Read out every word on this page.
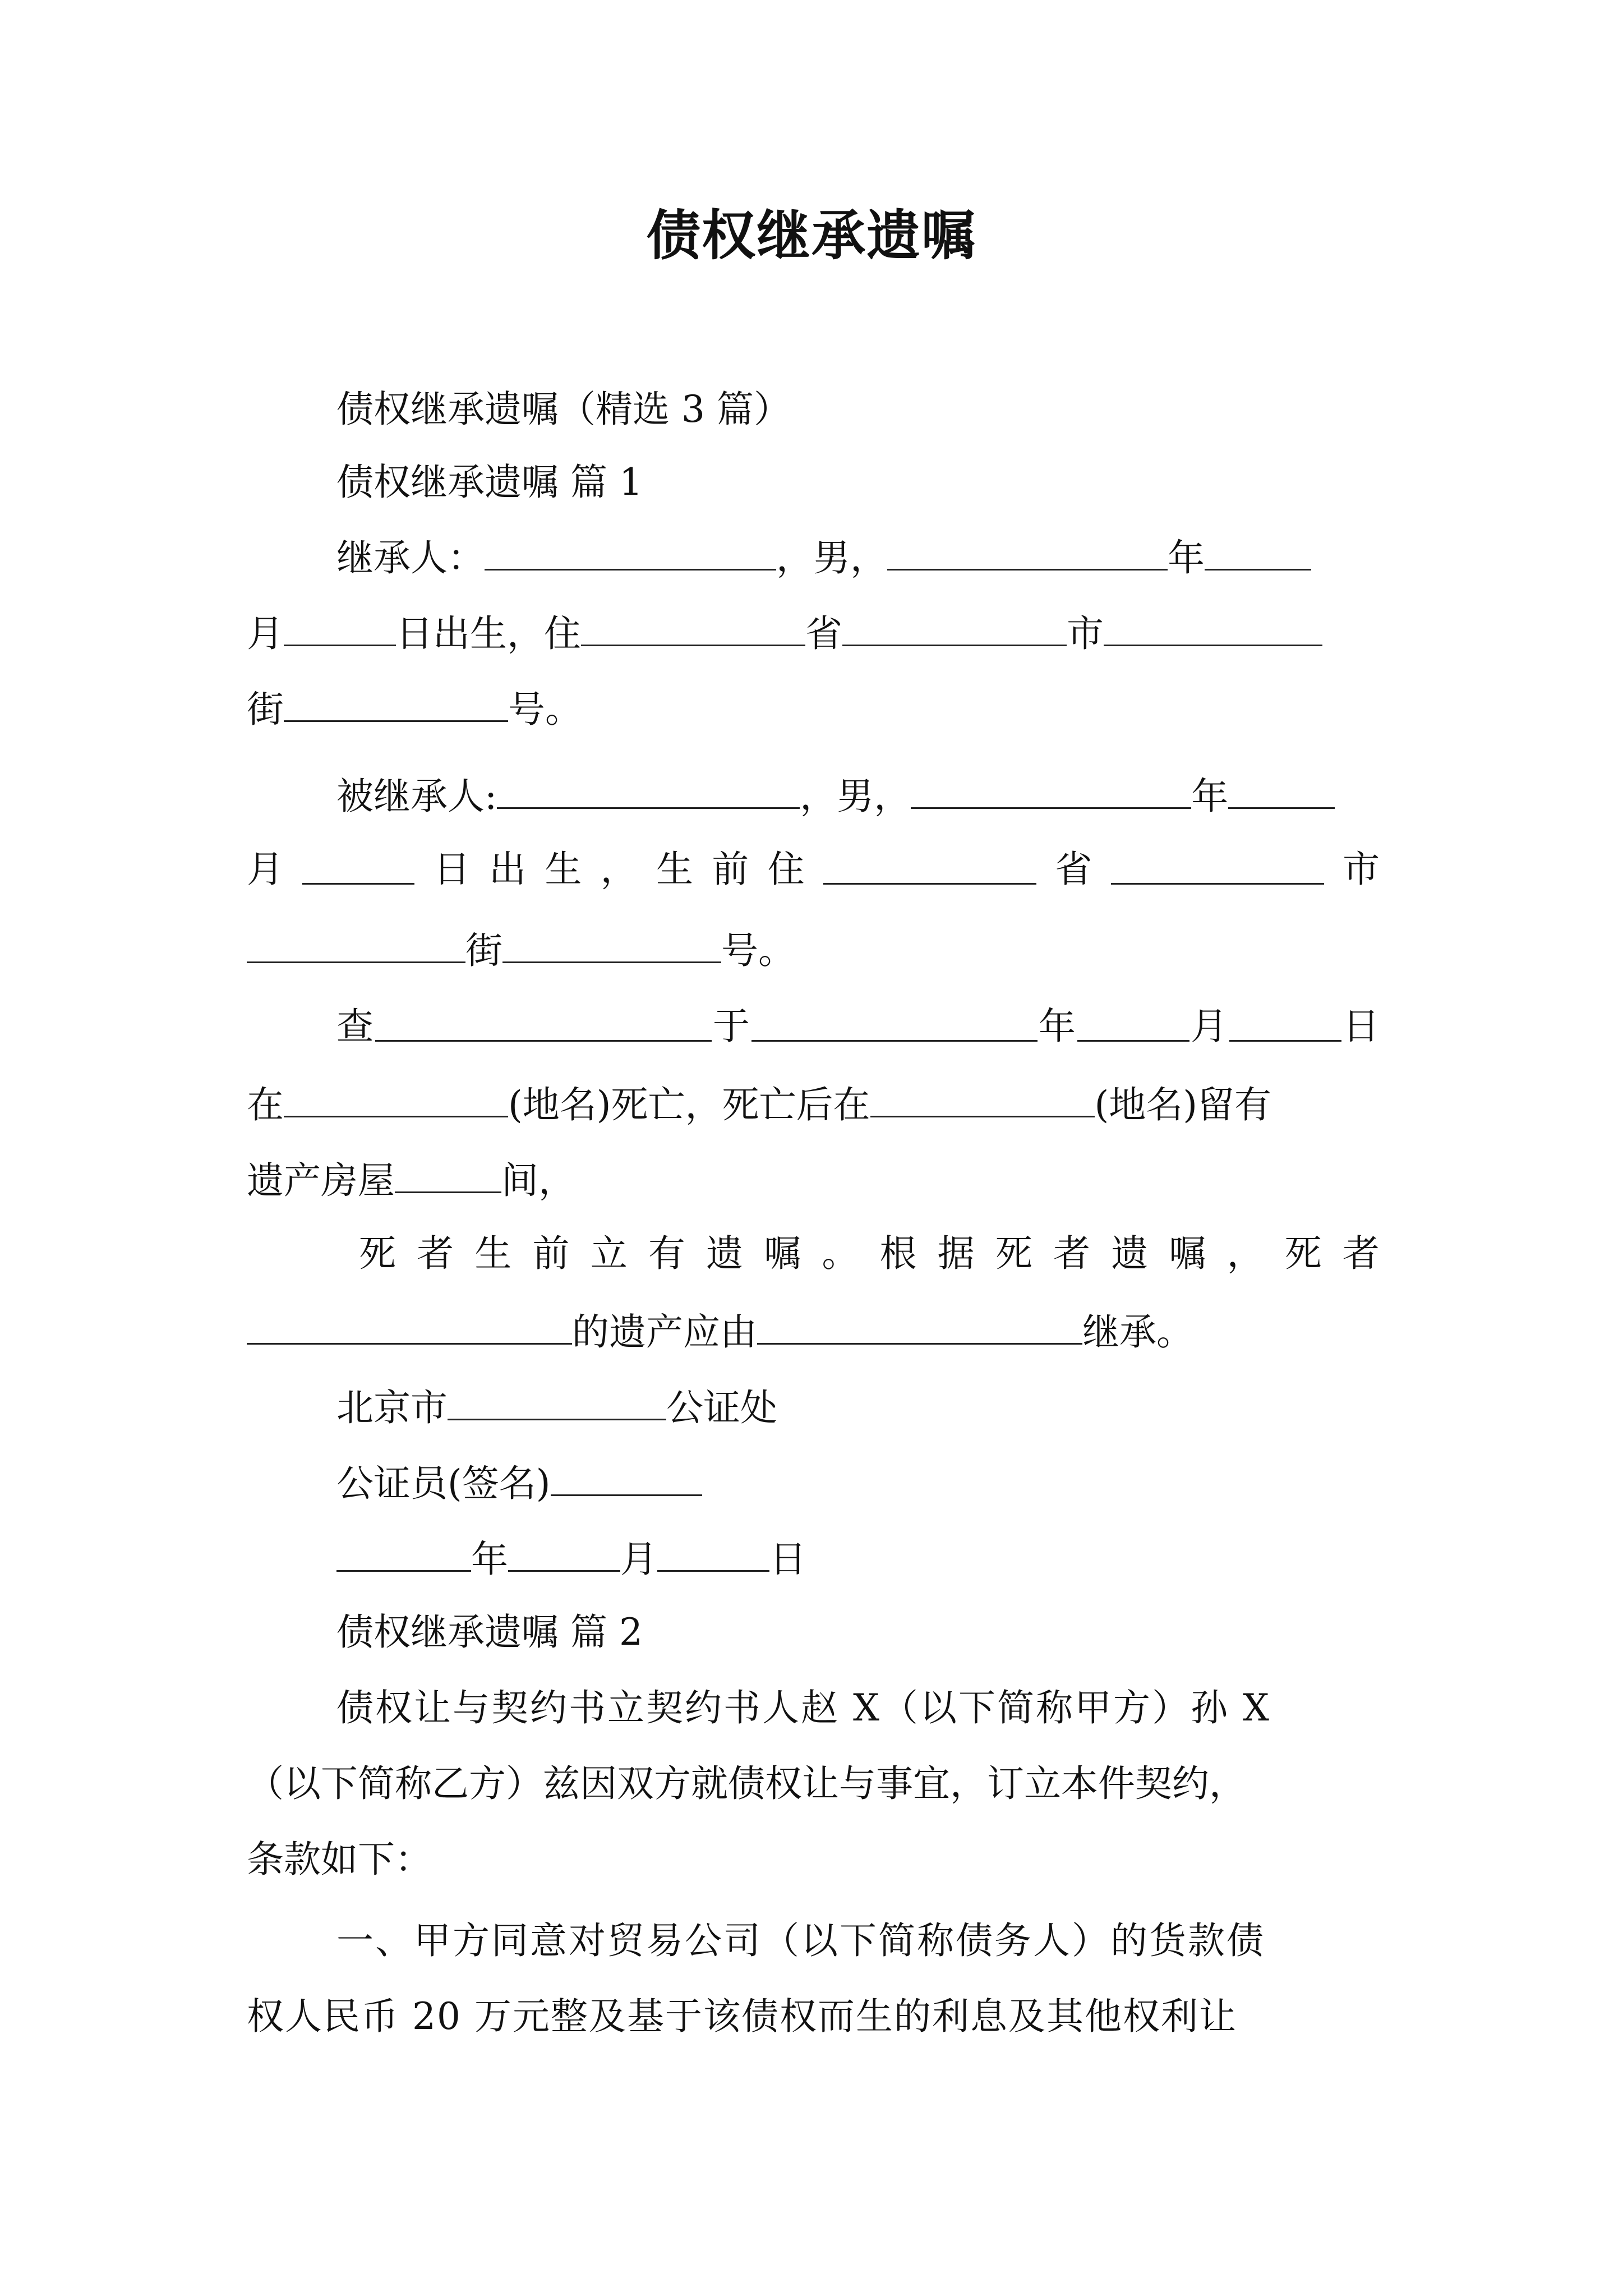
债权继承遗嘱
债权继承遗嘱（精选 3 篇）
债权继承遗嘱 篇 1
继承人：	，男，	年
月	日出生，住	省	市
街	号。
被继承人:	，男，	年
月	日 出 生 ， 生 前 住	省	市
街	号。
查	于	年	月	日
在	(地名)死亡，死亡后在	(地名)留有
遗产房屋	间，
死 者 生 前 立 有 遗 嘱 。 根 据 死 者 遗 嘱 ， 死 者
的遗产应由	继承。
北京市	公证处
公证员(签名)
年	月	日
债权继承遗嘱 篇 2
债权让与契约书立契约书人赵 X（以下简称甲方）孙 X
（以下简称乙方）兹因双方就债权让与事宜，订立本件契约，
条款如下：
一、甲方同意对贸易公司（以下简称债务人）的货款债
权人民币 20 万元整及基于该债权而生的利息及其他权利让
